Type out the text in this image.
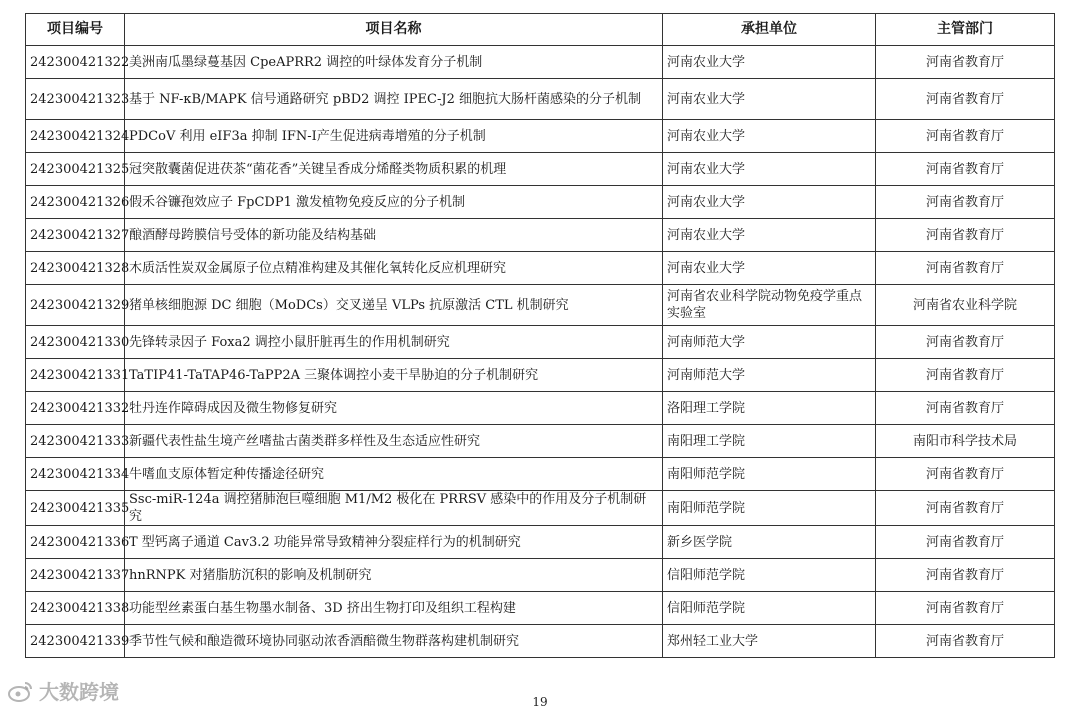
项目编号	项目名称	承担单位	主管部门
242300421322	美洲南瓜墨绿蔓基因 CpeAPRR2 调控的叶绿体发育分子机制	河南农业大学	河南省教育厅
242300421323	基于 NF-κB/MAPK 信号通路研究 pBD2 调控 IPEC-J2 细胞抗大肠杆菌感染的分子机制	河南农业大学	河南省教育厅
242300421324	PDCoV 利用 eIF3a 抑制 IFN-Ⅰ产生促进病毒增殖的分子机制	河南农业大学	河南省教育厅
242300421325	冠突散囊菌促进茯茶“菌花香”关键呈香成分烯醛类物质积累的机理	河南农业大学	河南省教育厅
242300421326	假禾谷镰孢效应子 FpCDP1 激发植物免疫反应的分子机制	河南农业大学	河南省教育厅
242300421327	酿酒酵母跨膜信号受体的新功能及结构基础	河南农业大学	河南省教育厅
242300421328	木质活性炭双金属原子位点精准构建及其催化氧转化反应机理研究	河南农业大学	河南省教育厅
242300421329	猪单核细胞源 DC 细胞（MoDCs）交叉递呈 VLPs 抗原激活 CTL 机制研究	河南省农业科学院动物免疫学重点实验室	河南省农业科学院
242300421330	先锋转录因子 Foxa2 调控小鼠肝脏再生的作用机制研究	河南师范大学	河南省教育厅
242300421331	TaTIP41-TaTAP46-TaPP2A 三聚体调控小麦干旱胁迫的分子机制研究	河南师范大学	河南省教育厅
242300421332	牡丹连作障碍成因及微生物修复研究	洛阳理工学院	河南省教育厅
242300421333	新疆代表性盐生境产丝嗜盐古菌类群多样性及生态适应性研究	南阳理工学院	南阳市科学技术局
242300421334	牛嗜血支原体暂定种传播途径研究	南阳师范学院	河南省教育厅
242300421335	Ssc-miR-124a 调控猪肺泡巨噬细胞 M1/M2 极化在 PRRSV 感染中的作用及分子机制研究	南阳师范学院	河南省教育厅
242300421336	T 型钙离子通道 Cav3.2 功能异常导致精神分裂症样行为的机制研究	新乡医学院	河南省教育厅
242300421337	hnRNPK 对猪脂肪沉积的影响及机制研究	信阳师范学院	河南省教育厅
242300421338	功能型丝素蛋白基生物墨水制备、3D 挤出生物打印及组织工程构建	信阳师范学院	河南省教育厅
242300421339	季节性气候和酿造微环境协同驱动浓香酒醅微生物群落构建机制研究	郑州轻工业大学	河南省教育厅
大数跨境	19
